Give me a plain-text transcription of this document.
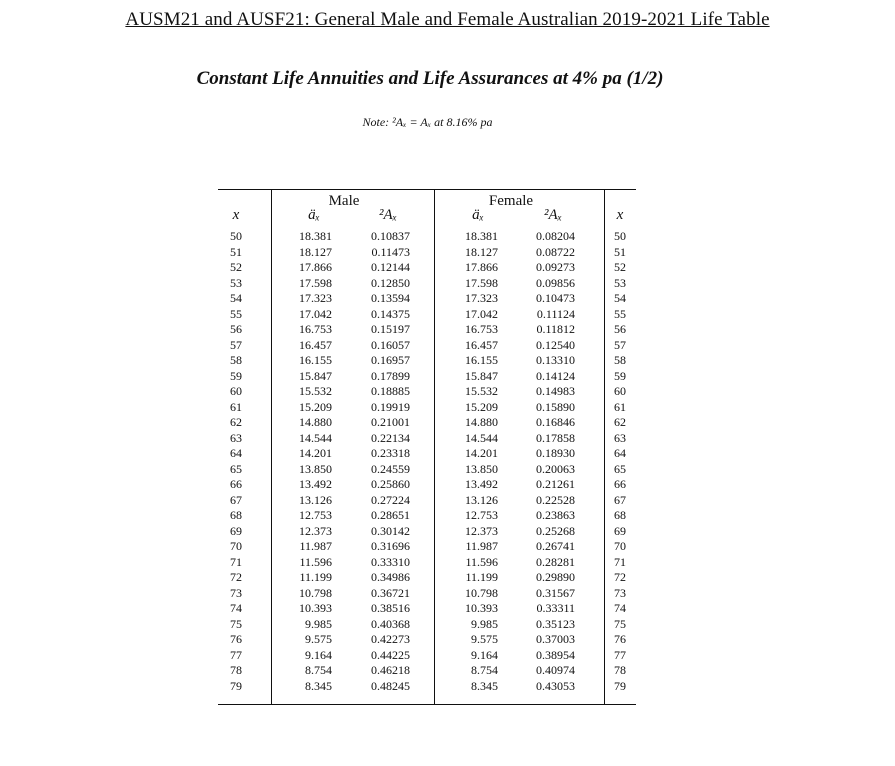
AUSM21 and AUSF21: General Male and Female Australian 2019-2021 Life Table
Constant Life Annuities and Life Assurances at 4% pa (1/2)
Note: ²Aₓ = Aₓ at 8.16% pa
Male	Female
x	äₓ	²Aₓ	äₓ	²Aₓ	x
50	18.381	0.10837	18.381	0.08204	50
51	18.127	0.11473	18.127	0.08722	51
52	17.866	0.12144	17.866	0.09273	52
53	17.598	0.12850	17.598	0.09856	53
54	17.323	0.13594	17.323	0.10473	54
55	17.042	0.14375	17.042	0.11124	55
56	16.753	0.15197	16.753	0.11812	56
57	16.457	0.16057	16.457	0.12540	57
58	16.155	0.16957	16.155	0.13310	58
59	15.847	0.17899	15.847	0.14124	59
60	15.532	0.18885	15.532	0.14983	60
61	15.209	0.19919	15.209	0.15890	61
62	14.880	0.21001	14.880	0.16846	62
63	14.544	0.22134	14.544	0.17858	63
64	14.201	0.23318	14.201	0.18930	64
65	13.850	0.24559	13.850	0.20063	65
66	13.492	0.25860	13.492	0.21261	66
67	13.126	0.27224	13.126	0.22528	67
68	12.753	0.28651	12.753	0.23863	68
69	12.373	0.30142	12.373	0.25268	69
70	11.987	0.31696	11.987	0.26741	70
71	11.596	0.33310	11.596	0.28281	71
72	11.199	0.34986	11.199	0.29890	72
73	10.798	0.36721	10.798	0.31567	73
74	10.393	0.38516	10.393	0.33311	74
75	9.985	0.40368	9.985	0.35123	75
76	9.575	0.42273	9.575	0.37003	76
77	9.164	0.44225	9.164	0.38954	77
78	8.754	0.46218	8.754	0.40974	78
79	8.345	0.48245	8.345	0.43053	79
